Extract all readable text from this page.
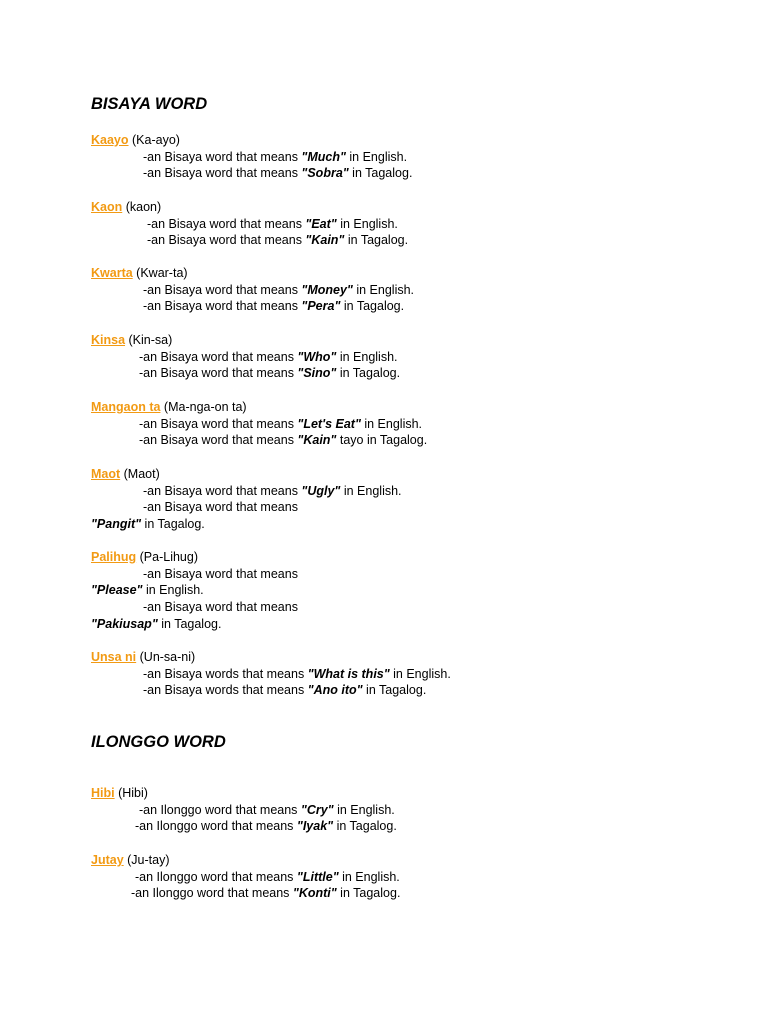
BISAYA WORD
Kaayo (Ka-ayo)
-an Bisaya word that means "Much" in English.
-an Bisaya word that means "Sobra" in Tagalog.
Kaon (kaon)
-an Bisaya word that means "Eat" in English.
-an Bisaya word that means "Kain" in Tagalog.
Kwarta (Kwar-ta)
-an Bisaya word that means "Money" in English.
-an Bisaya word that means "Pera" in Tagalog.
Kinsa (Kin-sa)
-an Bisaya word that means "Who" in English.
-an Bisaya word that means "Sino" in Tagalog.
Mangaon ta (Ma-nga-on ta)
-an Bisaya word that means "Let's Eat" in English.
-an Bisaya word that means "Kain" tayo in Tagalog.
Maot (Maot)
-an Bisaya word that means "Ugly" in English.
-an Bisaya word that means
"Pangit" in Tagalog.
Palihug (Pa-Lihug)
-an Bisaya word that means
"Please" in English.
-an Bisaya word that means
"Pakiusap" in Tagalog.
Unsa ni (Un-sa-ni)
-an Bisaya words that means "What is this" in English.
-an Bisaya words that means "Ano ito" in Tagalog.
ILONGGO WORD
Hibi (Hibi)
-an Ilonggo word that means "Cry" in English.
-an Ilonggo word that means "Iyak" in Tagalog.
Jutay (Ju-tay)
-an Ilonggo word that means "Little" in English.
-an Ilonggo word that means "Konti" in Tagalog.
